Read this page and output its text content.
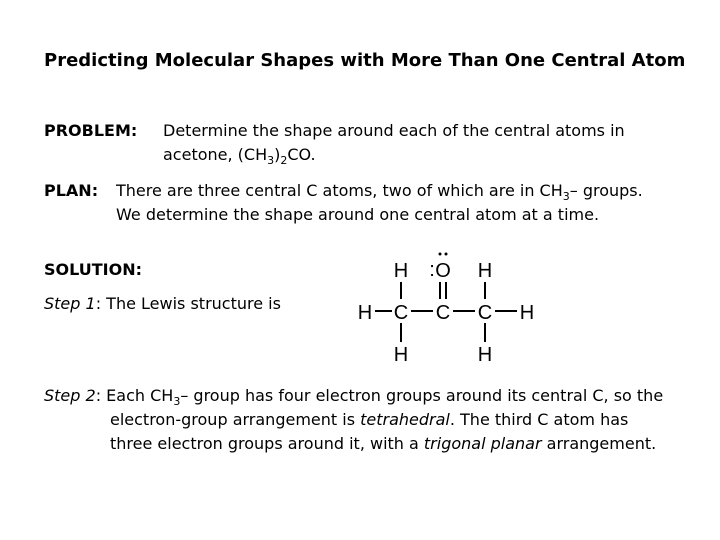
Predicting Molecular Shapes with More Than One Central Atom
PROBLEM: Determine the shape around each of the central atoms in
acetone, $(CH_3)_2CO$.
PLAN: There are three central C atoms, two of which are in $CH_3-$ groups.
We determine the shape around one central atom at a time.
SOLUTION:
Step 1: The Lewis structure is
H
C C C H
O H
H	H
H
:
Step 2: Each $CH_3-$ group has four electron groups around its central C, so the
electron-group arrangement is tetrahedral. The third C atom has
three electron groups around it, with a trigonal planar arrangement.
